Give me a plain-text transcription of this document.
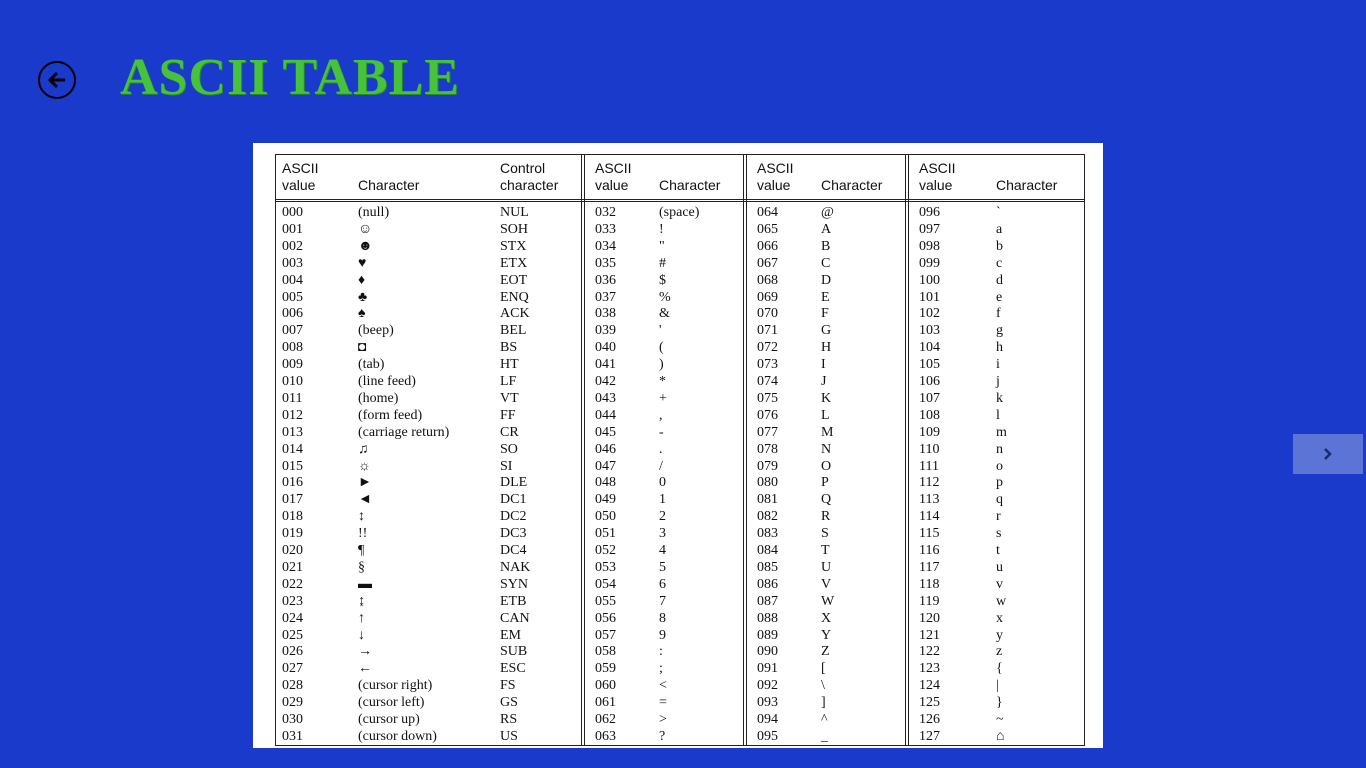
ASCII TABLE
ASCII
value	Character
Control
character
ASCII
value Character
ASCII
value Character
ASCII
value	Character
000	(null)	NUL
001	☺	SOH
002	☻	STX
003	♥	ETX
004	♦	EOT
005	♣	ENQ
006	♠	ACK
007	(beep)	BEL
008	◘	BS
009	(tab)	HT
010	(line feed)	LF
011	(home)	VT
012	(form feed)	FF
013	(carriage return)	CR
014	♫	SO
015	☼	SI
016	►	DLE
017	◄	DC1
018	↕	DC2
019	!!	DC3
020	¶	DC4
021	§	NAK
022	▬	SYN
023	↨	ETB
024	↑	CAN
025	↓	EM
026	→	SUB
027	←	ESC
028	(cursor right)	FS
029	(cursor left)	GS
030	(cursor up)	RS
031	(cursor down)	US
032	(space)
033	!
034	"
035	#
036	$
037	%
038	&
039	'
040	(
041	)
042	*
043	+
044	,
045	-
046	.
047	/
048	0
049	1
050	2
051	3
052	4
053	5
054	6
055	7
056	8
057	9
058	:
059	;
060	<
061	=
062	>
063	?
064	@
065	A
066	B
067	C
068	D
069	E
070	F
071	G
072	H
073	I
074	J
075	K
076	L
077	M
078	N
079	O
080	P
081	Q
082	R
083	S
084	T
085	U
086	V
087	W
088	X
089	Y
090	Z
091	[
092	\
093	]
094	^
095	_
096	`
097	a
098	b
099	c
100	d
101	e
102	f
103	g
104	h
105	i
106	j
107	k
108	l
109	m
110	n
111	o
112	p
113	q
114	r
115	s
116	t
117	u
118	v
119	w
120	x
121	y
122	z
123	{
124	|
125	}
126	~
127	⌂
